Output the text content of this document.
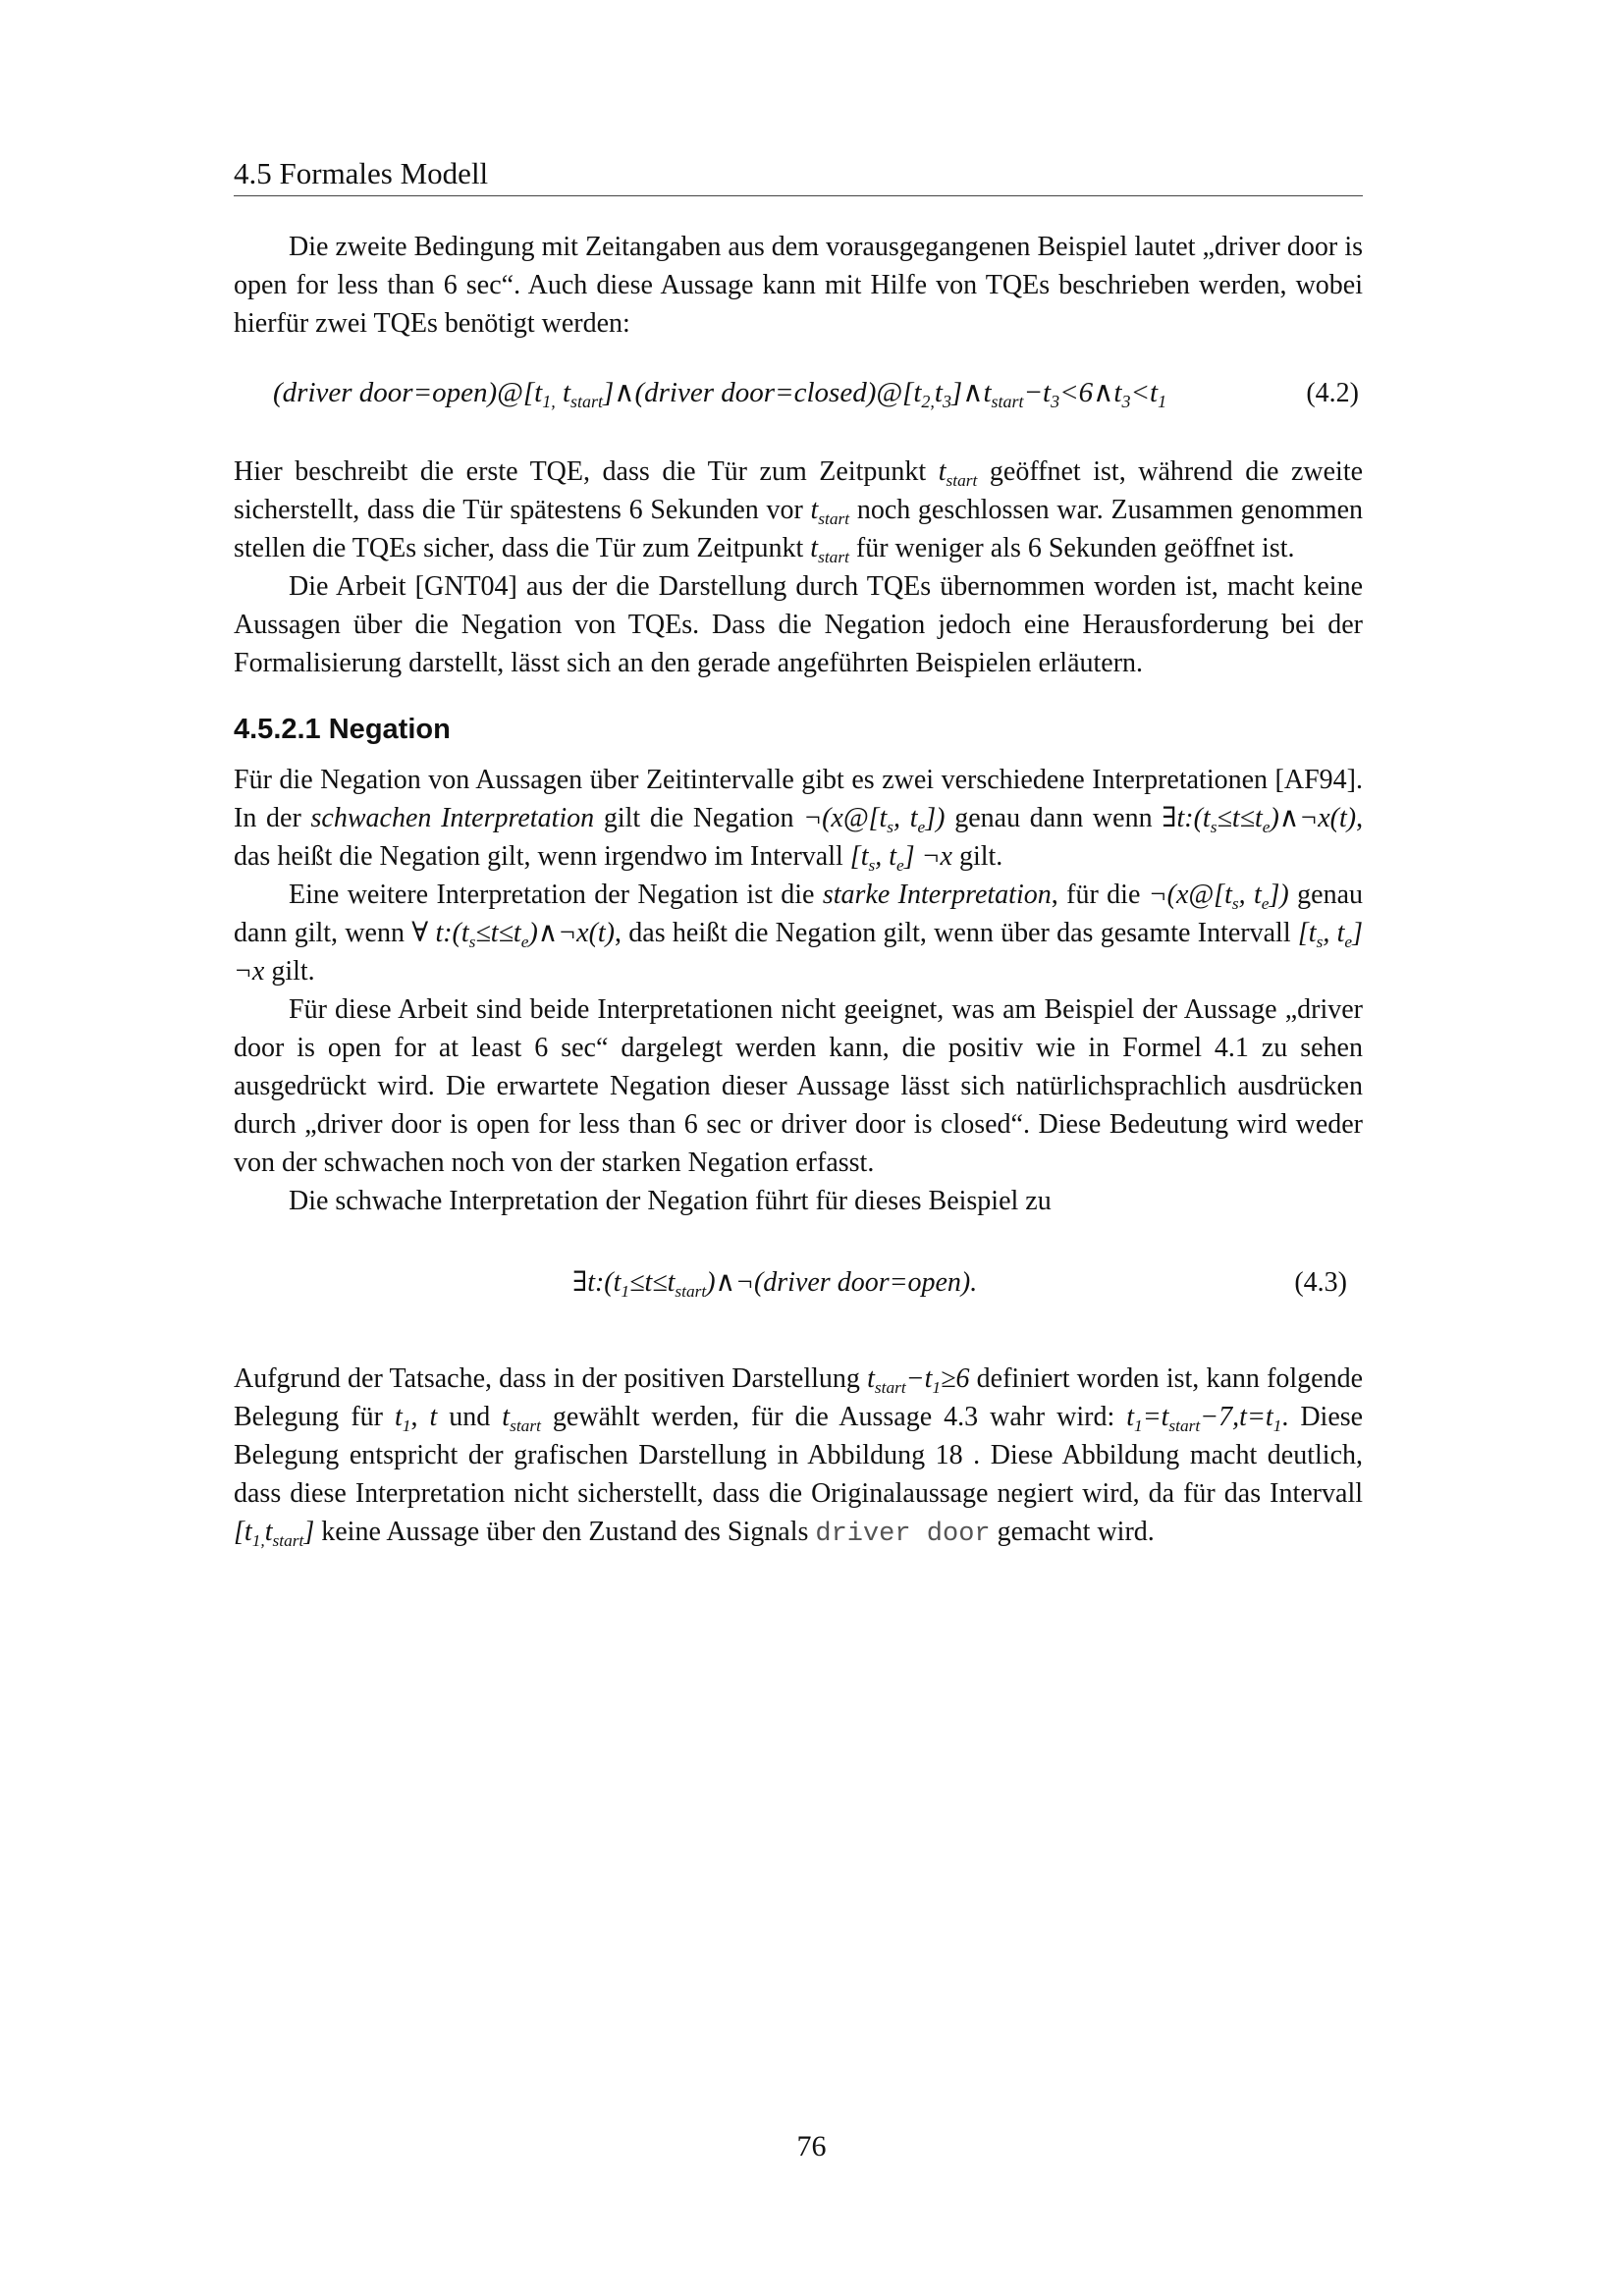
4.5 Formales Modell

Die zweite Bedingung mit Zeitangaben aus dem vorausgegangenen Beispiel lautet „driver door is open for less than 6 sec“. Auch diese Aussage kann mit Hilfe von TQEs beschrieben werden, wobei hierfür zwei TQEs benötigt werden:

(driver $door=open)@[t_{1,}$ $t_{start}]\wedge(driver$ $door=closed)@[t_{2,}t_3]\wedge t_{start}-t_3<6\wedge t_3<t_1$	(4.2)

Hier beschreibt die erste TQE, dass die Tür zum Zeitpunkt $t_{start}$ geöffnet ist, während die zweite sicherstellt, dass die Tür spätestens 6 Sekunden vor $t_{start}$ noch geschlossen war. Zusammen genommen stellen die TQEs sicher, dass die Tür zum Zeitpunkt $t_{start}$ für weniger als 6 Sekunden geöffnet ist.

Die Arbeit [GNT04] aus der die Darstellung durch TQEs übernommen worden ist, macht keine Aussagen über die Negation von TQEs. Dass die Negation jedoch eine Herausforderung bei der Formalisierung darstellt, lässt sich an den gerade angeführten Beispielen erläutern.

4.5.2.1 Negation

Für die Negation von Aussagen über Zeitintervalle gibt es zwei verschiedene Interpretationen [AF94]. In der schwachen Interpretation gilt die Negation $\neg(x@[t_s$, $t_e$]) genau dann wenn $\exists t:(t_s\le t\le t_e)\wedge\neg x(t)$, das heißt die Negation gilt, wenn irgendwo im Intervall [$t_s$, $t_e$] ¬x gilt.

Eine weitere Interpretation der Negation ist die starke Interpretation, für die $\neg(x@[t_s$, $t_e$]) genau dann gilt, wenn ∀ $t:(t_s\le t\le t_e)\wedge\neg x(t)$, das heißt die Negation gilt, wenn über das gesamte Intervall [$t_s$, $t_e$] ¬x gilt.

Für diese Arbeit sind beide Interpretationen nicht geeignet, was am Beispiel der Aussage „driver door is open for at least 6 sec“ dargelegt werden kann, die positiv wie in Formel 4.1 zu sehen ausgedrückt wird. Die erwartete Negation dieser Aussage lässt sich natürlichsprachlich ausdrücken durch „driver door is open for less than 6 sec or driver door is closed“. Diese Bedeutung wird weder von der schwachen noch von der starken Negation erfasst.

Die schwache Interpretation der Negation führt für dieses Beispiel zu

$\exists t:(t_1\le t\le t_{start})\wedge\neg(driver$ door=open).	(4.3)

Aufgrund der Tatsache, dass in der positiven Darstellung $t_{start}-t_1\ge 6$ definiert worden ist, kann folgende Belegung für $t_1$, t und $t_{start}$ gewählt werden, für die Aussage 4.3 wahr wird: $t_1=t_{start}-7,t=t_1$. Diese Belegung entspricht der grafischen Darstellung in Abbildung 18 . Diese Abbildung macht deutlich, dass diese Interpretation nicht sicherstellt, dass die Originalaussage negiert wird, da für das Intervall $[t_{1,}t_{start}]$ keine Aussage über den Zustand des Signals driver door gemacht wird.

76
